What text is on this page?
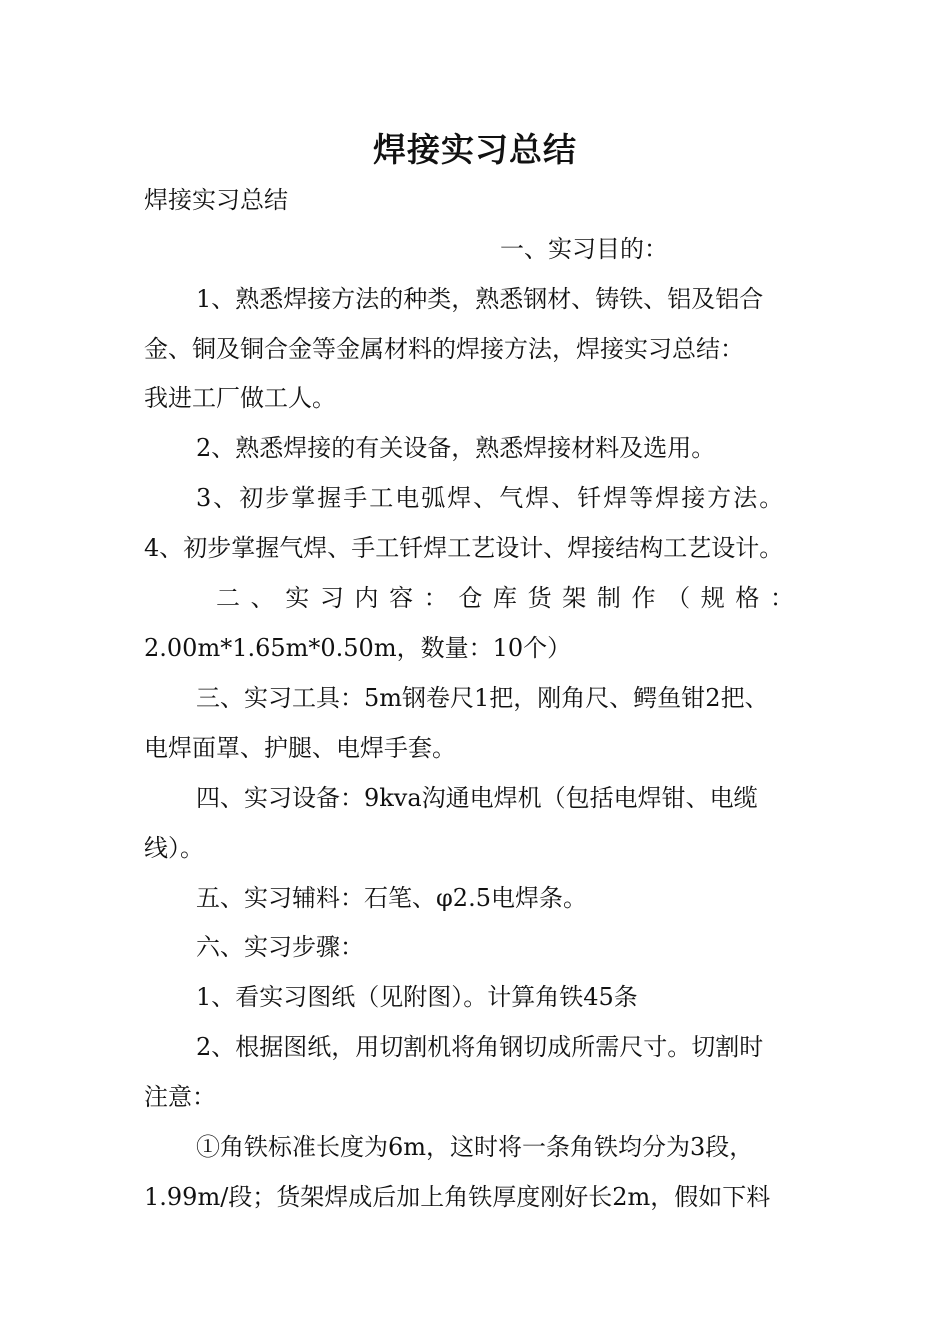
焊接实习总结
焊接实习总结
一、实习目的：
1、熟悉焊接方法的种类，熟悉钢材、铸铁、铝及铝合
金、铜及铜合金等金属材料的焊接方法，焊接实习总结：
我进工厂做工人。
2、熟悉焊接的有关设备，熟悉焊接材料及选用。
3、初步掌握手工电弧焊、气焊、钎焊等焊接方法。
4、初步掌握气焊、手工钎焊工艺设计、焊接结构工艺设计。
二、实习内容：仓库货架制作（规格：
2.00m*1.65m*0.50m，数量：10个）
三、实习工具：5m钢卷尺1把，刚角尺、鳄鱼钳2把、
电焊面罩、护腿、电焊手套。
四、实习设备：9kva沟通电焊机（包括电焊钳、电缆
线）。
五、实习辅料：石笔、φ2.5电焊条。
六、实习步骤：
1、看实习图纸（见附图）。计算角铁45条
2、根据图纸，用切割机将角钢切成所需尺寸。切割时
注意：
①角铁标准长度为6m，这时将一条角铁均分为3段，
1.99m/段；货架焊成后加上角铁厚度刚好长2m，假如下料
